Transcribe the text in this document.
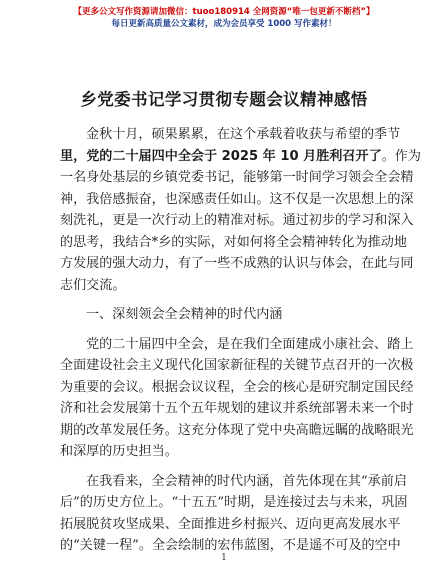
【更多公文写作资源请加微信：tuoo180914 全网资源“唯一包更新不断档”】
每日更新高质量公文素材，成为会员享受 1000 写作素材！
乡党委书记学习贯彻专题会议精神感悟
金秋十月，硕果累累，在这个承载着收获与希望的季节
里，党的二十届四中全会于 2025 年 10 月胜利召开了。作为
一名身处基层的乡镇党委书记，能够第一时间学习领会全会精
神，我倍感振奋，也深感责任如山。这不仅是一次思想上的深
刻洗礼，更是一次行动上的精准对标。通过初步的学习和深入
的思考，我结合*乡的实际，对如何将全会精神转化为推动地
方发展的强大动力，有了一些不成熟的认识与体会，在此与同
志们交流。
一、深刻领会全会精神的时代内涵
党的二十届四中全会，是在我们全面建成小康社会、踏上
全面建设社会主义现代化国家新征程的关键节点召开的一次极
为重要的会议。根据会议议程，全会的核心是研究制定国民经
济和社会发展第十五个五年规划的建议并系统部署未来一个时
期的改革发展任务。这充分体现了党中央高瞻远瞩的战略眼光
和深厚的历史担当。
在我看来，全会精神的时代内涵，首先体现在其“承前启
后”的历史方位上。“十五五”时期，是连接过去与未来，巩固
拓展脱贫攻坚成果、全面推进乡村振兴、迈向更高发展水平
的“关键一程”。全会绘制的宏伟蓝图，不是遥不可及的空中
1
